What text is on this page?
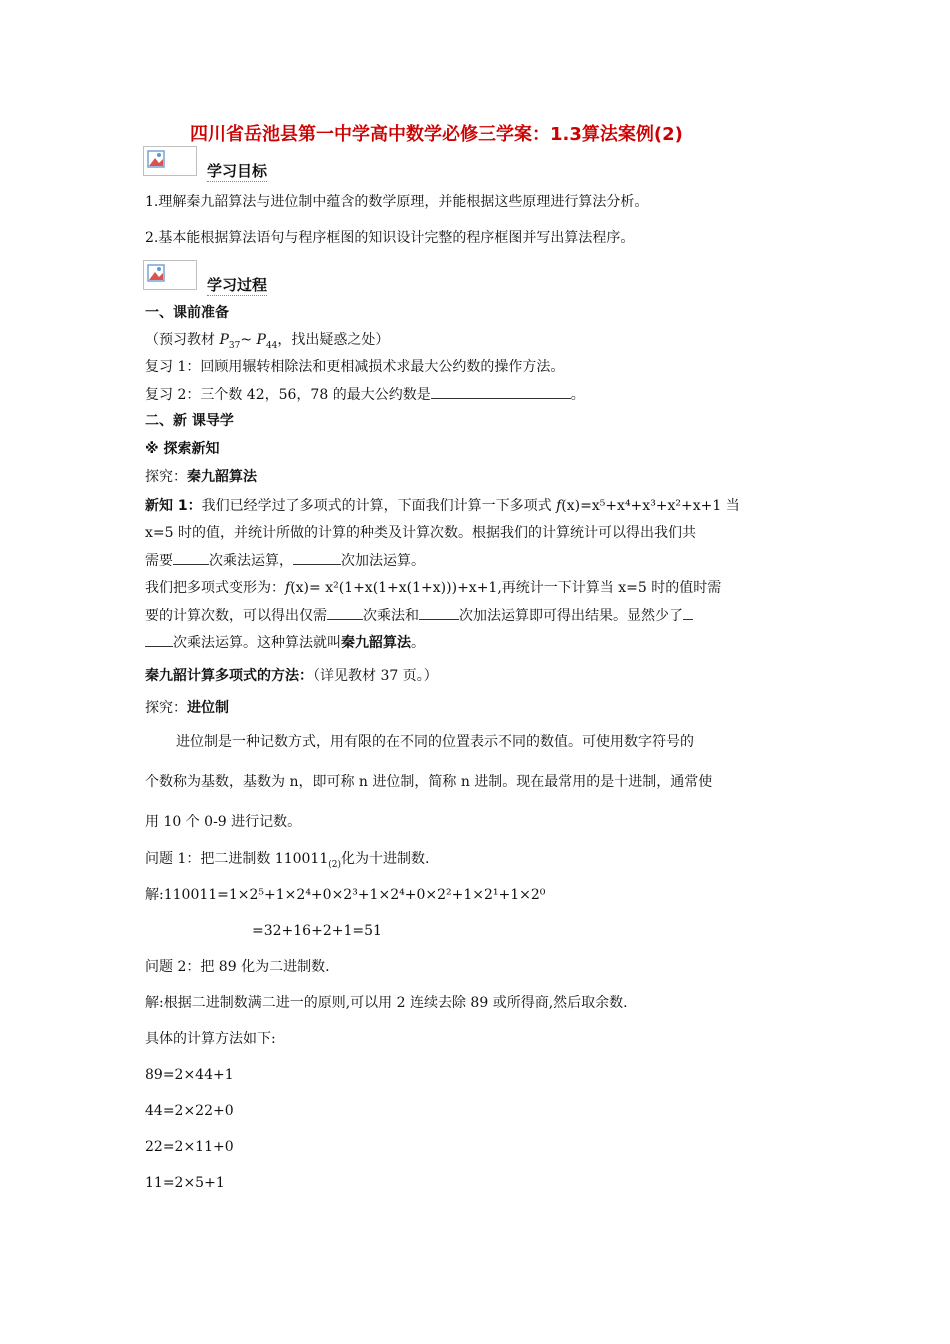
四川省岳池县第一中学高中数学必修三学案：1.3算法案例(2)
学习目标
1.理解秦九韶算法与进位制中蕴含的数学原理，并能根据这些原理进行算法分析。
2.基本能根据算法语句与程序框图的知识设计完整的程序框图并写出算法程序。
学习过程
一、课前准备
（预习教材 $P_{37}\sim$ $P_{44}$，找出疑惑之处）
复习 1：回顾用辗转相除法和更相减损术求最大公约数的操作方法。
复习 2：三个数 42，56，78 的最大公约数是	。
二、新 课导学
※ 探索新知
探究：秦九韶算法
新知 1：我们已经学过了多项式的计算，下面我们计算一下多项式 f(x)=x⁵+x⁴+x³+x²+x+1 当
x=5 时的值，并统计所做的计算的种类及计算次数。根据我们的计算统计可以得出我们共
需要	次乘法运算，	次加法运算。
我们把多项式变形为：f(x)= x²(1+x(1+x(1+x)))+x+1,再统计一下计算当 x=5 时的值时需
要的计算次数，可以得出仅需	次乘法和	次加法运算即可得出结果。显然少了
次乘法运算。这种算法就叫秦九韶算法。
秦九韶计算多项式的方法：（详见教材 37 页。）
探究：进位制
进位制是一种记数方式，用有限的在不同的位置表示不同的数值。可使用数字符号的
个数称为基数，基数为 n，即可称 n 进位制，简称 n 进制。现在最常用的是十进制，通常使
用 10 个 0-9 进行记数。
问题 1：把二进制数 $110011_{(2)}$化为十进制数.
解:110011=1×2⁵+1×2⁴+0×2³+1×2⁴+0×2²+1×2¹+1×2⁰
=32+16+2+1=51
问题 2：把 89 化为二进制数.
解:根据二进制数满二进一的原则,可以用 2 连续去除 89 或所得商,然后取余数.
具体的计算方法如下:
89=2×44+1
44=2×22+0
22=2×11+0
11=2×5+1
